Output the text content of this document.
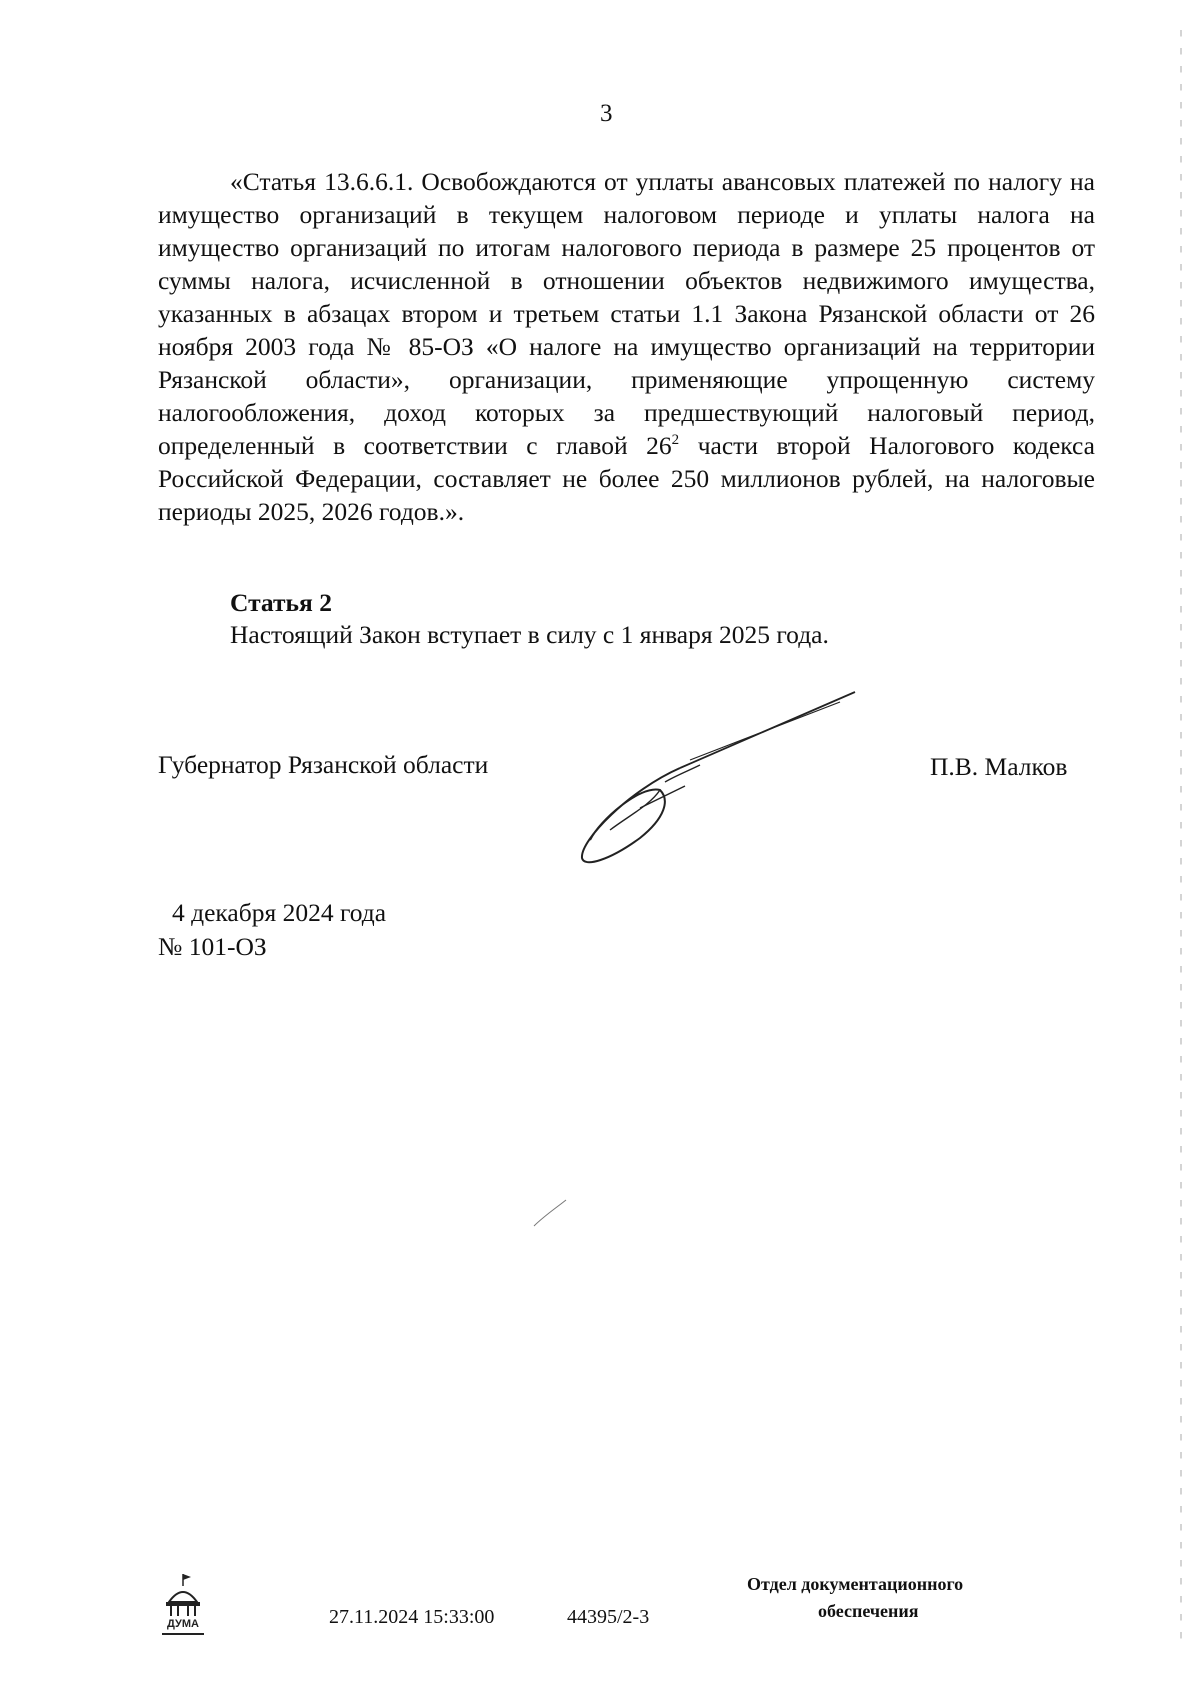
3

«Статья 13.6.6.1. Освобождаются от уплаты авансовых платежей по налогу на имущество организаций в текущем налоговом периоде и уплаты налога на имущество организаций по итогам налогового периода в размере 25 процентов от суммы налога, исчисленной в отношении объектов недвижимого имущества, указанных в абзацах втором и третьем статьи 1.1 Закона Рязанской области от 26 ноября 2003 года № 85-ОЗ «О налоге на имущество организаций на территории Рязанской области», организации, применяющие упрощенную систему налогообложения, доход которых за предшествующий налоговый период, определенный в соответствии с главой $26^2$ части второй Налогового кодекса Российской Федерации, составляет не более 250 миллионов рублей, на налоговые периоды 2025, 2026 годов.».

Статья 2
Настоящий Закон вступает в силу с 1 января 2025 года.
Губернатор Рязанской области	П.В. Малков
4 декабря 2024 года
№ 101-ОЗ
ДУМА	27.11.2024 15:33:00	44395/2-3
Отдел документационного
обеспечения
